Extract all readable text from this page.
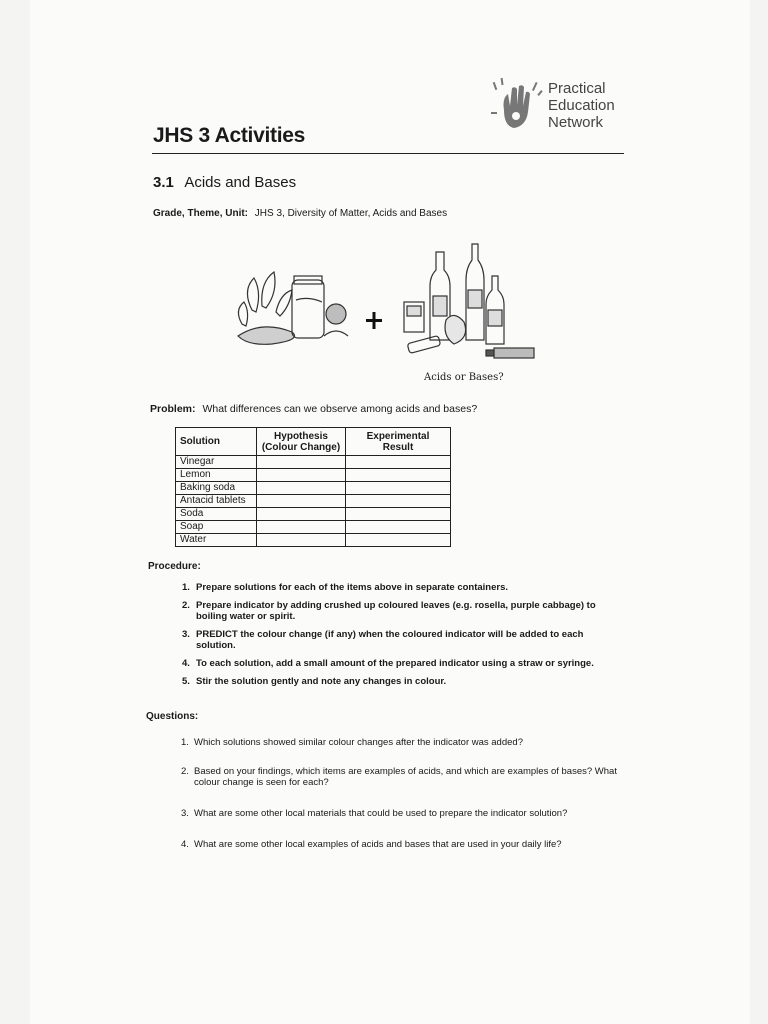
Practical
Education
Network
JHS 3 Activities
3.1 Acids and Bases
Grade, Theme, Unit: JHS 3, Diversity of Matter, Acids and Bases
Acids or Bases?
Problem: What differences can we observe among acids and bases?
Solution	Hypothesis (Colour Change)	Experimental Result
Vinegar		
Lemon		
Baking soda		
Antacid tablets		
Soda		
Soap		
Water		
Procedure:
1. Prepare solutions for each of the items above in separate containers.
2. Prepare indicator by adding crushed up coloured leaves (e.g. rosella, purple cabbage) to boiling water or spirit.
3. PREDICT the colour change (if any) when the coloured indicator will be added to each solution.
4. To each solution, add a small amount of the prepared indicator using a straw or syringe.
5. Stir the solution gently and note any changes in colour.
Questions:
1. Which solutions showed similar colour changes after the indicator was added?
2. Based on your findings, which items are examples of acids, and which are examples of bases? What colour change is seen for each?
3. What are some other local materials that could be used to prepare the indicator solution?
4. What are some other local examples of acids and bases that are used in your daily life?
